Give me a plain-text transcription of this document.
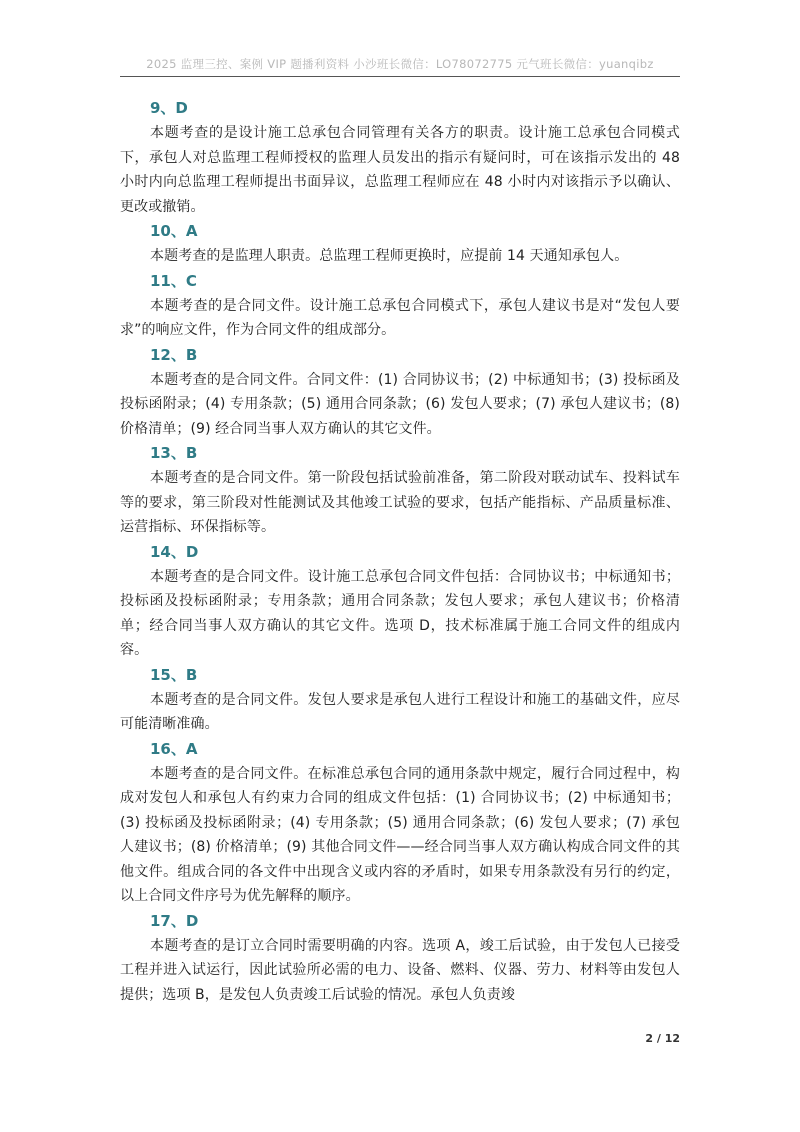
2025 监理三控、案例 VIP 题播利资料 小沙班长微信：LO78072775 元气班长微信：yuanqibz

9、D

本题考查的是设计施工总承包合同管理有关各方的职责。设计施工总承包合同模式下，承包人对总监理工程师授权的监理人员发出的指示有疑问时，可在该指示发出的 48 小时内向总监理工程师提出书面异议，总监理工程师应在 48 小时内对该指示予以确认、更改或撤销。

10、A

本题考查的是监理人职责。总监理工程师更换时，应提前 14 天通知承包人。

11、C

本题考查的是合同文件。设计施工总承包合同模式下，承包人建议书是对“发包人要求”的响应文件，作为合同文件的组成部分。

12、B

本题考查的是合同文件。合同文件：(1) 合同协议书；(2) 中标通知书；(3) 投标函及投标函附录；(4) 专用条款；(5) 通用合同条款；(6) 发包人要求；(7) 承包人建议书；(8) 价格清单；(9) 经合同当事人双方确认的其它文件。

13、B

本题考查的是合同文件。第一阶段包括试验前准备，第二阶段对联动试车、投料试车等的要求，第三阶段对性能测试及其他竣工试验的要求，包括产能指标、产品质量标准、运营指标、环保指标等。

14、D

本题考查的是合同文件。设计施工总承包合同文件包括：合同协议书；中标通知书；投标函及投标函附录；专用条款；通用合同条款；发包人要求；承包人建议书；价格清单；经合同当事人双方确认的其它文件。选项 D，技术标准属于施工合同文件的组成内容。

15、B

本题考查的是合同文件。发包人要求是承包人进行工程设计和施工的基础文件，应尽可能清晰准确。

16、A

本题考查的是合同文件。在标准总承包合同的通用条款中规定，履行合同过程中，构成对发包人和承包人有约束力合同的组成文件包括：(1) 合同协议书；(2) 中标通知书；(3) 投标函及投标函附录；(4) 专用条款；(5) 通用合同条款；(6) 发包人要求；(7) 承包人建议书；(8) 价格清单；(9) 其他合同文件——经合同当事人双方确认构成合同文件的其他文件。组成合同的各文件中出现含义或内容的矛盾时，如果专用条款没有另行的约定，以上合同文件序号为优先解释的顺序。

17、D

本题考查的是订立合同时需要明确的内容。选项 A，竣工后试验，由于发包人已接受工程并进入试运行，因此试验所必需的电力、设备、燃料、仪器、劳力、材料等由发包人提供；选项 B，是发包人负责竣工后试验的情况。承包人负责竣

2 / 12
